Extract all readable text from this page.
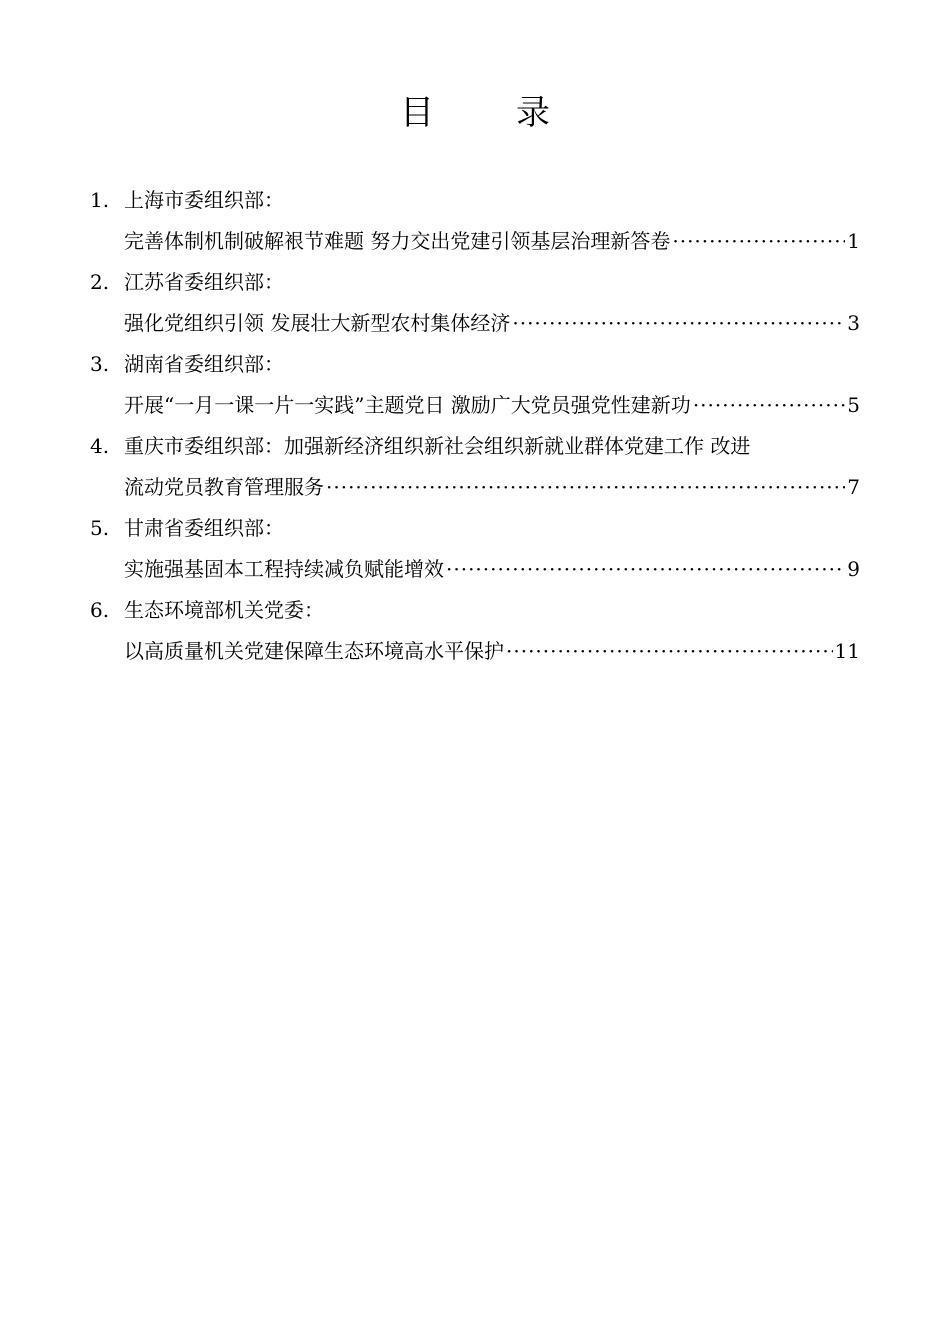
目　录
1. 上海市委组织部：
完善体制机制破解裉节难题 努力交出党建引领基层治理新答卷 ·····	1
2. 江苏省委组织部：
强化党组织引领 发展壮大新型农村集体经济 ·····	3
3. 湖南省委组织部：
开展“一月一课一片一实践”主题党日 激励广大党员强党性建新功 ·····	5
4. 重庆市委组织部：加强新经济组织新社会组织新就业群体党建工作 改进
流动党员教育管理服务 ·····	7
5. 甘肃省委组织部：
实施强基固本工程持续减负赋能增效 ·····	9
6. 生态环境部机关党委：
以高质量机关党建保障生态环境高水平保护 ·····	11
